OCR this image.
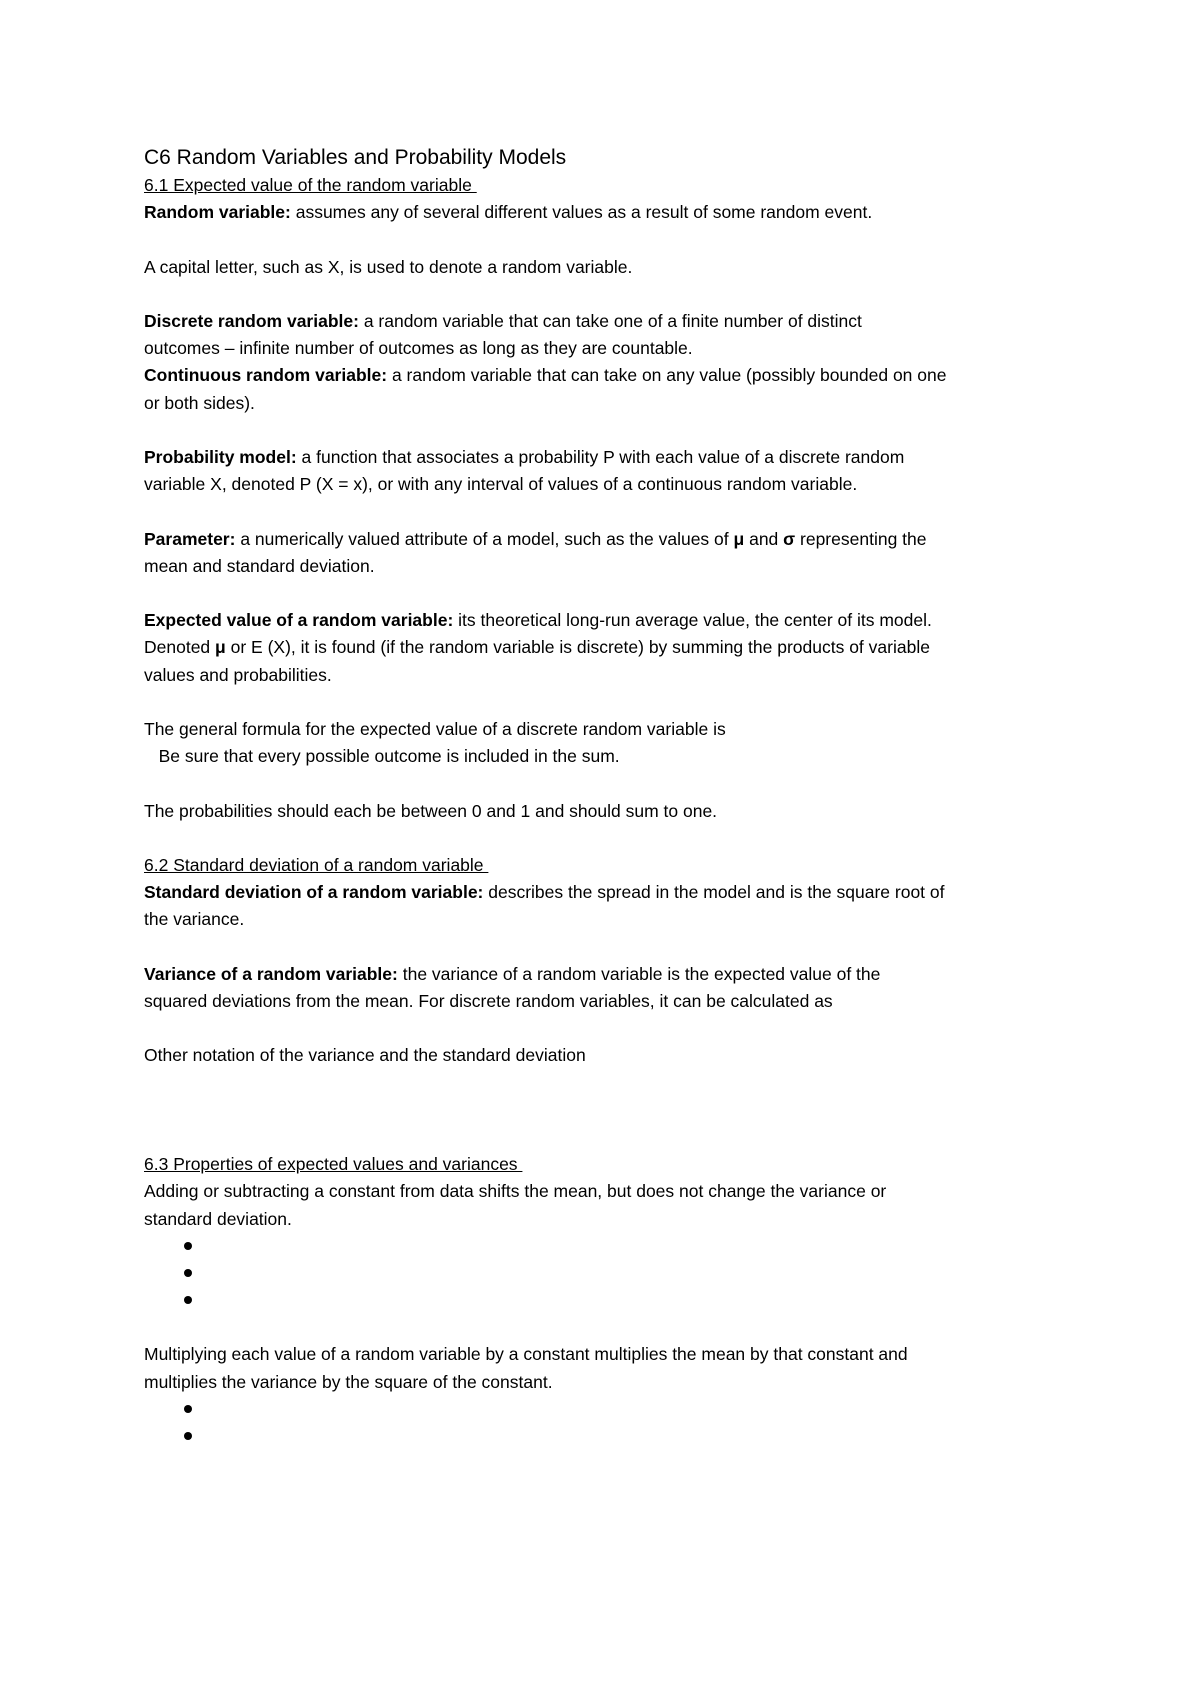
C6 Random Variables and Probability Models

6.1 Expected value of the random variable

Random variable: assumes any of several different values as a result of some random event.

A capital letter, such as X, is used to denote a random variable.

Discrete random variable: a random variable that can take one of a finite number of distinct

outcomes – infinite number of outcomes as long as they are countable.

Continuous random variable: a random variable that can take on any value (possibly bounded on one

or both sides).

Probability model: a function that associates a probability P with each value of a discrete random

variable X, denoted P (X = x), or with any interval of values of a continuous random variable.

Parameter: a numerically valued attribute of a model, such as the values of μ and σ representing the

mean and standard deviation.

Expected value of a random variable: its theoretical long-run average value, the center of its model.

Denoted μ or E (X), it is found (if the random variable is discrete) by summing the products of variable

values and probabilities.

The general formula for the expected value of a discrete random variable is

Be sure that every possible outcome is included in the sum.

The probabilities should each be between 0 and 1 and should sum to one.

6.2 Standard deviation of a random variable

Standard deviation of a random variable: describes the spread in the model and is the square root of

the variance.

Variance of a random variable: the variance of a random variable is the expected value of the

squared deviations from the mean. For discrete random variables, it can be calculated as

Other notation of the variance and the standard deviation

6.3 Properties of expected values and variances

Adding or subtracting a constant from data shifts the mean, but does not change the variance or

standard deviation.

Multiplying each value of a random variable by a constant multiplies the mean by that constant and

multiplies the variance by the square of the constant.
